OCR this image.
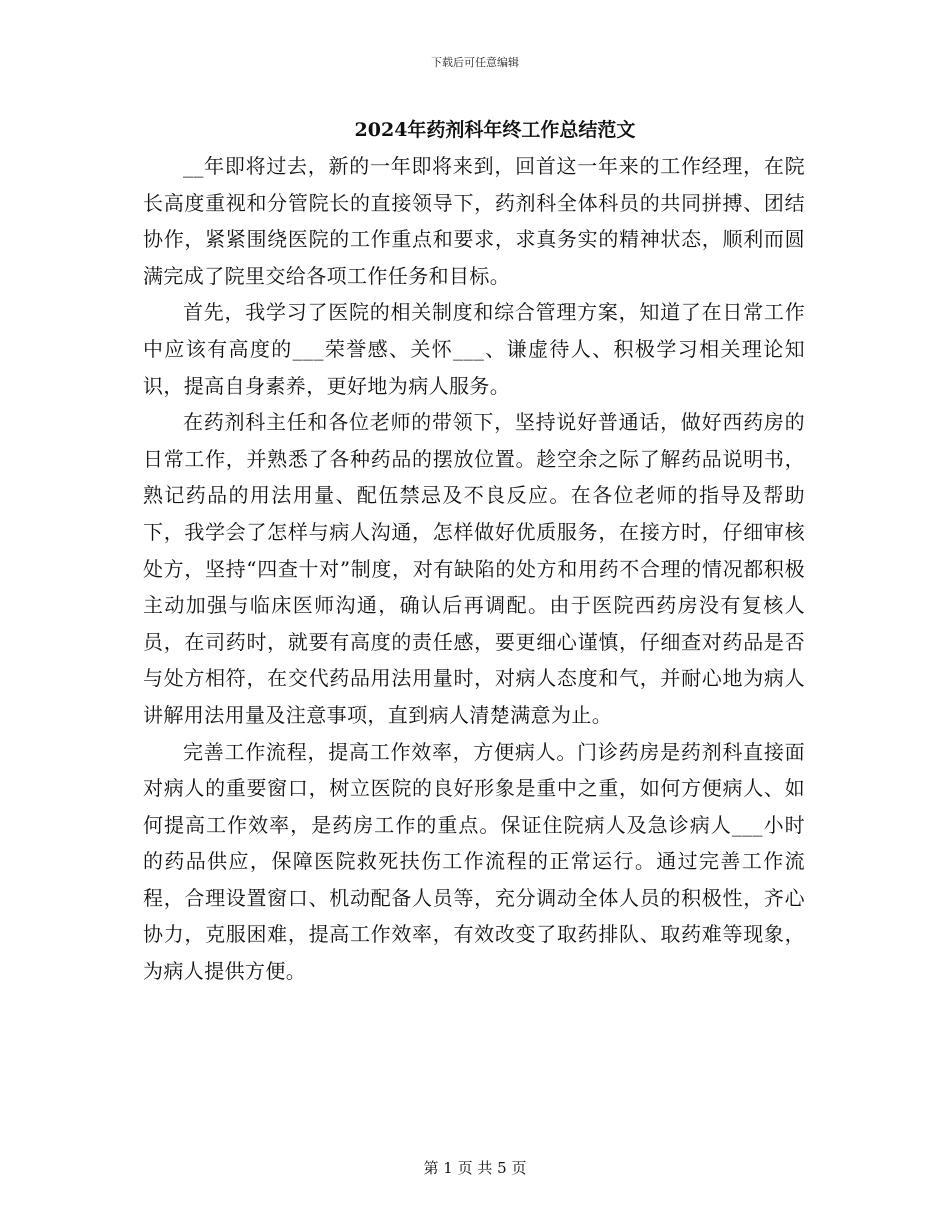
下载后可任意编辑
2024年药剂科年终工作总结范文

__年即将过去，新的一年即将来到，回首这一年来的工作经理，在院长高度重视和分管院长的直接领导下，药剂科全体科员的共同拼搏、团结协作，紧紧围绕医院的工作重点和要求，求真务实的精神状态，顺利而圆满完成了院里交给各项工作任务和目标。

首先，我学习了医院的相关制度和综合管理方案，知道了在日常工作中应该有高度的___荣誉感、关怀___、谦虚待人、积极学习相关理论知识，提高自身素养，更好地为病人服务。

在药剂科主任和各位老师的带领下，坚持说好普通话，做好西药房的日常工作，并熟悉了各种药品的摆放位置。趁空余之际了解药品说明书，熟记药品的用法用量、配伍禁忌及不良反应。在各位老师的指导及帮助下，我学会了怎样与病人沟通，怎样做好优质服务，在接方时，仔细审核处方，坚持“四查十对”制度，对有缺陷的处方和用药不合理的情况都积极主动加强与临床医师沟通，确认后再调配。由于医院西药房没有复核人员，在司药时，就要有高度的责任感，要更细心谨慎，仔细查对药品是否与处方相符，在交代药品用法用量时，对病人态度和气，并耐心地为病人讲解用法用量及注意事项，直到病人清楚满意为止。

完善工作流程，提高工作效率，方便病人。门诊药房是药剂科直接面对病人的重要窗口，树立医院的良好形象是重中之重，如何方便病人、如何提高工作效率，是药房工作的重点。保证住院病人及急诊病人___小时的药品供应，保障医院救死扶伤工作流程的正常运行。通过完善工作流程，合理设置窗口、机动配备人员等，充分调动全体人员的积极性，齐心协力，克服困难，提高工作效率，有效改变了取药排队、取药难等现象，为病人提供方便。

第 1 页 共 5 页
